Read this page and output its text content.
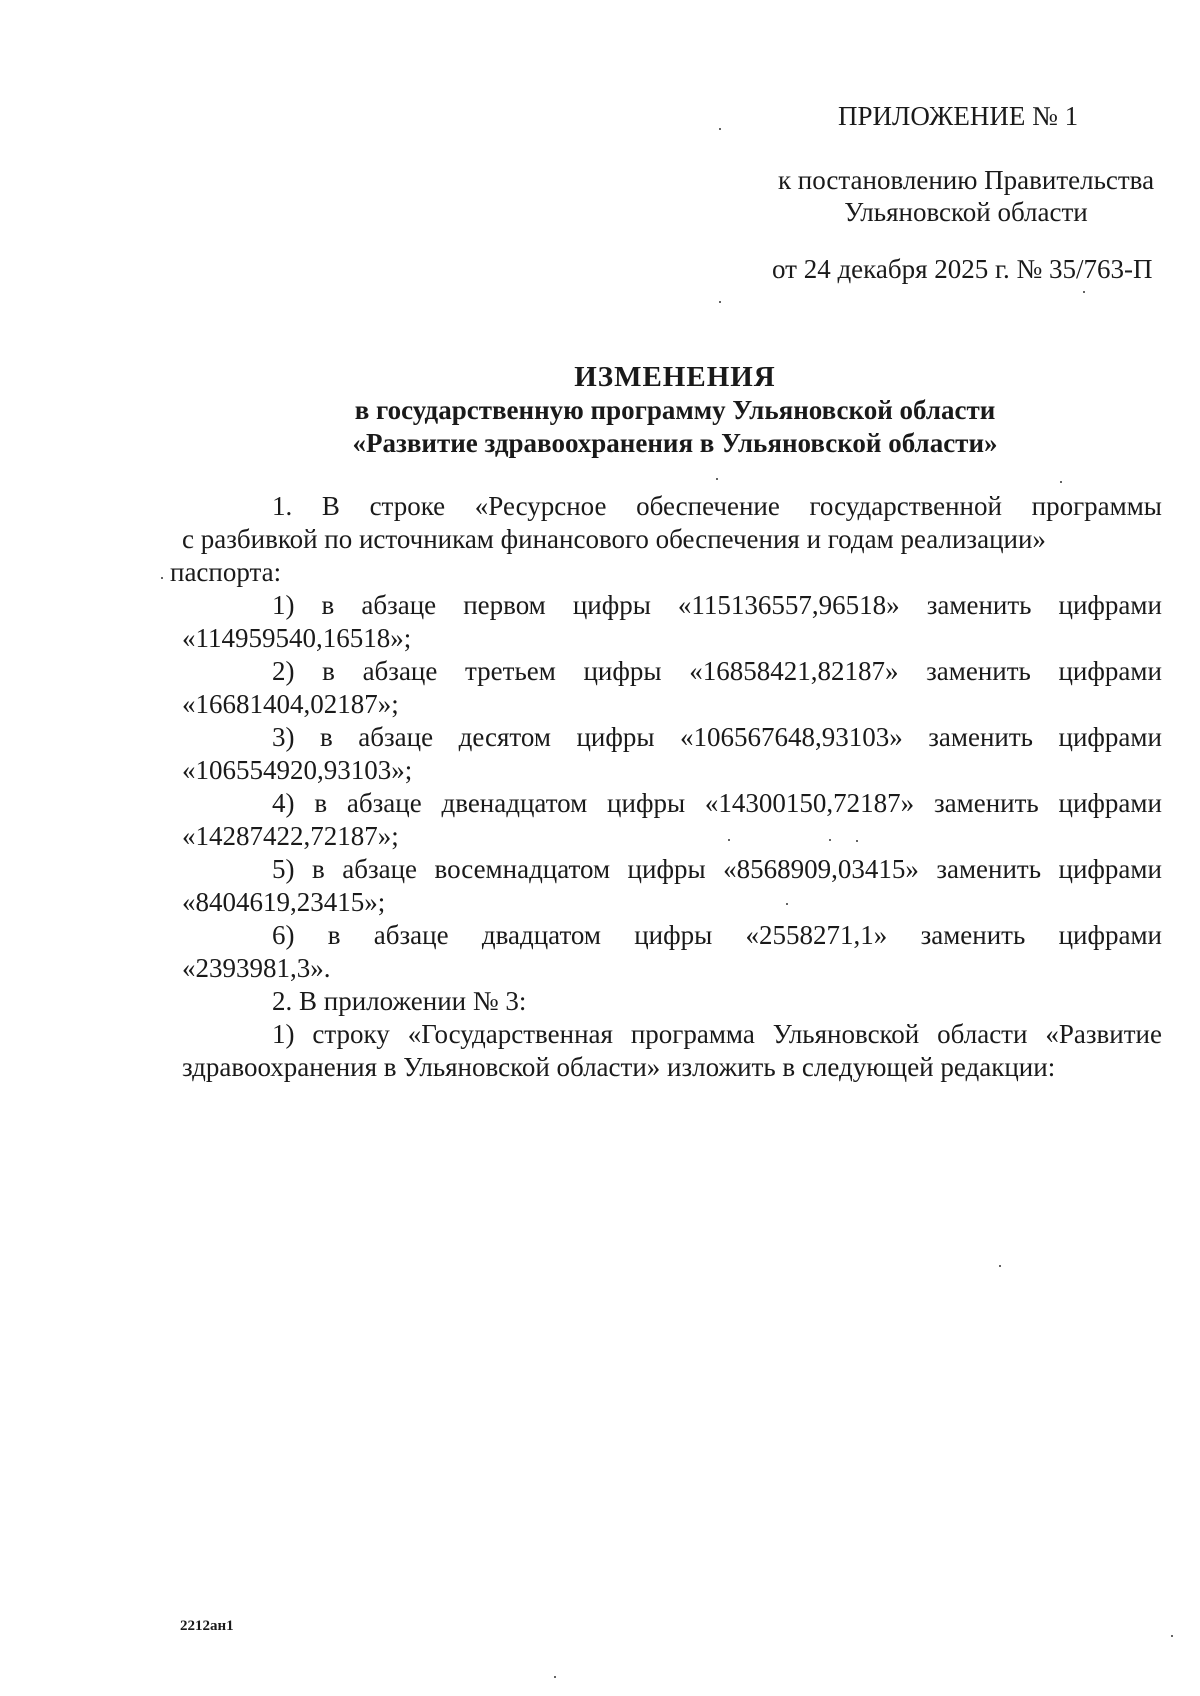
ПРИЛОЖЕНИЕ № 1
к постановлению Правительства
Ульяновской области
от 24 декабря 2025 г. № 35/763-П
ИЗМЕНЕНИЯ
в государственную программу Ульяновской области
«Развитие здравоохранения в Ульяновской области»
1. В строке «Ресурсное обеспечение государственной программы
с разбивкой по источникам финансового обеспечения и годам реализации»

паспорта:

1) в абзаце первом цифры «115136557,96518» заменить цифрами

«114959540,16518»;

2) в абзаце третьем цифры «16858421,82187» заменить цифрами

«16681404,02187»;

3) в абзаце десятом цифры «106567648,93103» заменить цифрами

«106554920,93103»;

4) в абзаце двенадцатом цифры «14300150,72187» заменить цифрами

«14287422,72187»;

5) в абзаце восемнадцатом цифры «8568909,03415» заменить цифрами

«8404619,23415»;

6) в абзаце двадцатом цифры «2558271,1» заменить цифрами

«2393981,3».

2. В приложении № 3:

1) строку «Государственная программа Ульяновской области «Развитие

здравоохранения в Ульяновской области» изложить в следующей редакции:

2212ан1
